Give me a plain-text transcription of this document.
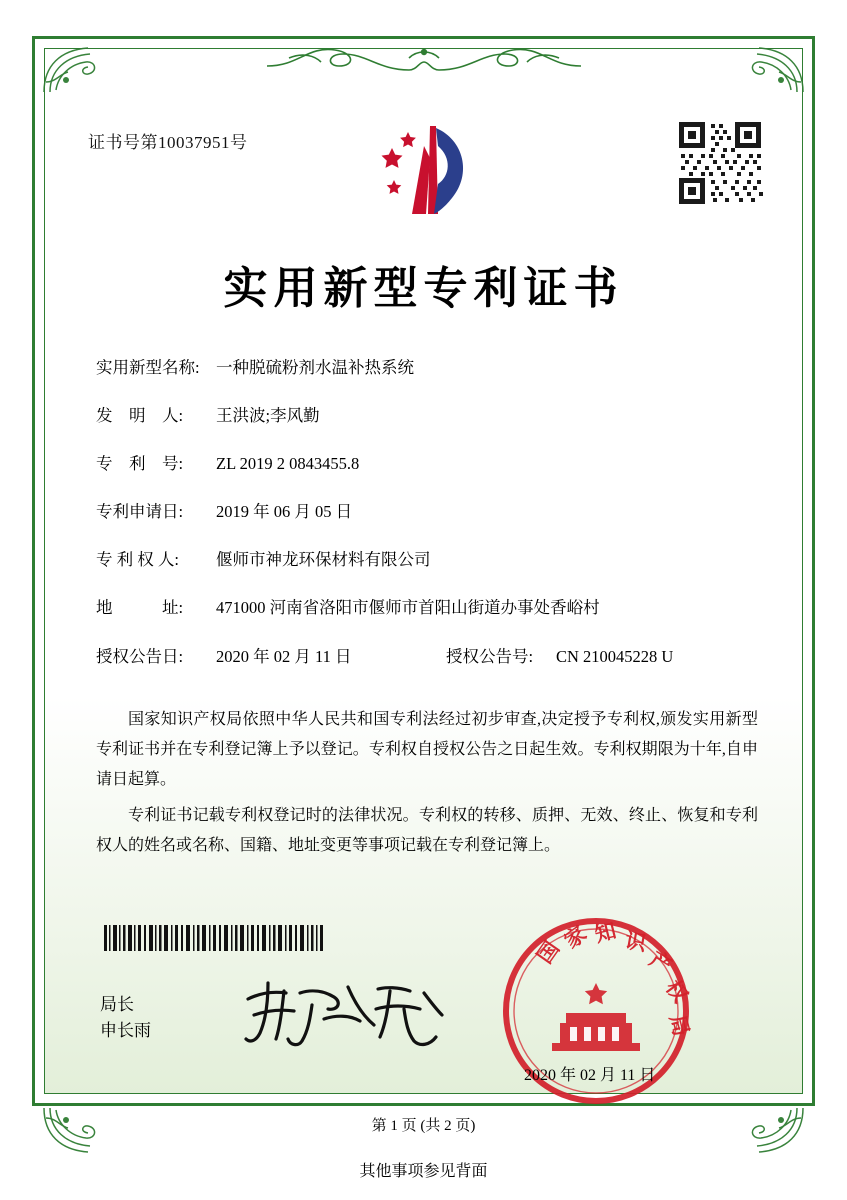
证书号第10037951号
实用新型专利证书
实用新型名称: 一种脱硫粉剂水温补热系统
发　明　人:	王洪波;李风勤
专　利　号:	ZL 2019 2 0843455.8
专利申请日:	2019 年 06 月 05 日
专 利 权 人:	偃师市神龙环保材料有限公司
地　　　址:	471000 河南省洛阳市偃师市首阳山街道办事处香峪村
授权公告日:	2020 年 02 月 11 日	授权公告号:	CN 210045228 U

国家知识产权局依照中华人民共和国专利法经过初步审查,决定授予专利权,颁发实用新型专利证书并在专利登记簿上予以登记。专利权自授权公告之日起生效。专利权期限为十年,自申请日起算。

专利证书记载专利权登记时的法律状况。专利权的转移、质押、无效、终止、恢复和专利权人的姓名或名称、国籍、地址变更等事项记载在专利登记簿上。

局长
申长雨
国
家 知 识
产
权
局
2020 年 02 月 11 日
第 1 页 (共 2 页)
其他事项参见背面
